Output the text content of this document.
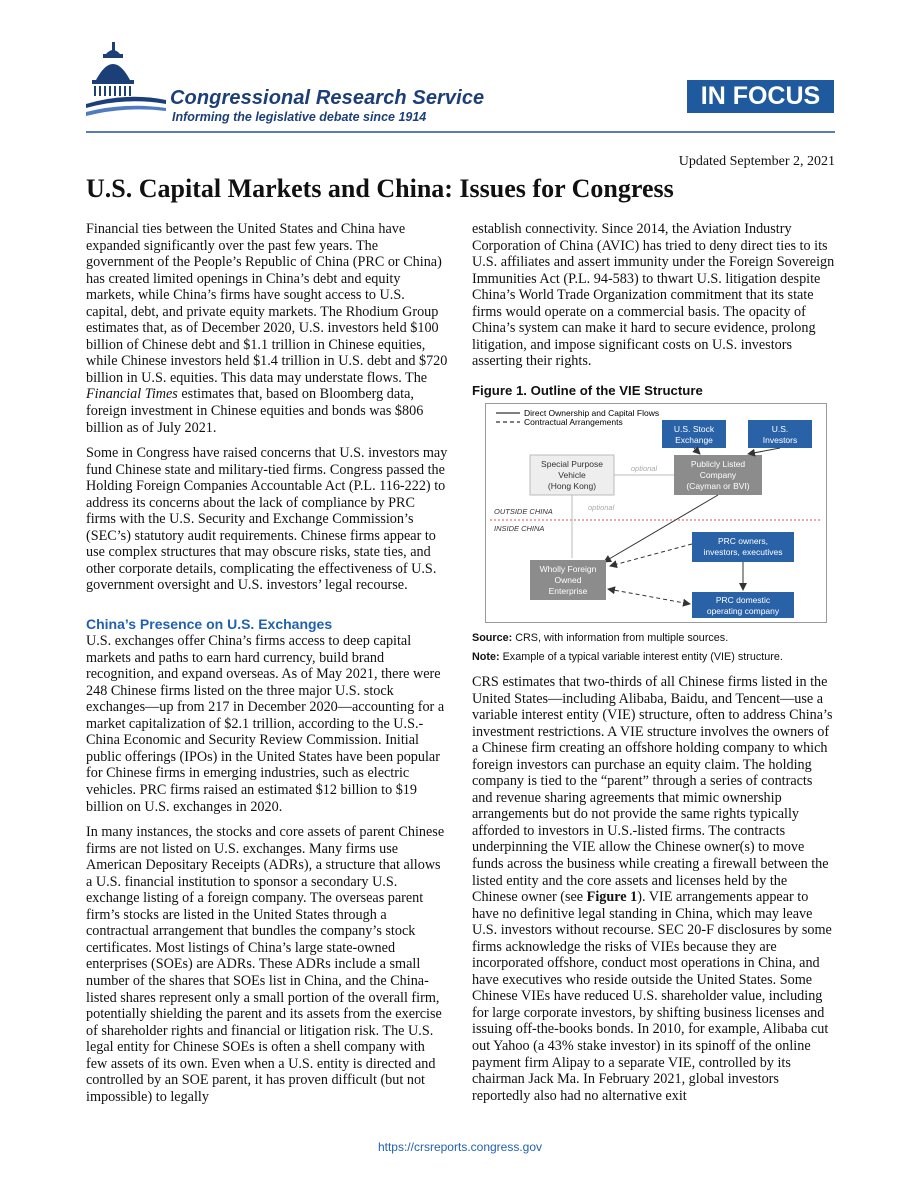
Congressional Research Service
Informing the legislative debate since 1914
IN FOCUS
Updated September 2, 2021
U.S. Capital Markets and China: Issues for Congress

Financial ties between the United States and China have expanded significantly over the past few years. The government of the People’s Republic of China (PRC or China) has created limited openings in China’s debt and equity markets, while China’s firms have sought access to U.S. capital, debt, and private equity markets. The Rhodium Group estimates that, as of December 2020, U.S. investors held $100 billion of Chinese debt and $1.1 trillion in Chinese equities, while Chinese investors held $1.4 trillion in U.S. debt and $720 billion in U.S. equities. This data may understate flows. The Financial Times estimates that, based on Bloomberg data, foreign investment in Chinese equities and bonds was $806 billion as of July 2021.

Some in Congress have raised concerns that U.S. investors may fund Chinese state and military-tied firms. Congress passed the Holding Foreign Companies Accountable Act (P.L. 116-222) to address its concerns about the lack of compliance by PRC firms with the U.S. Security and Exchange Commission’s (SEC’s) statutory audit requirements. Chinese firms appear to use complex structures that may obscure risks, state ties, and other corporate details, complicating the effectiveness of U.S. government oversight and U.S. investors’ legal recourse.

China’s Presence on U.S. Exchanges

U.S. exchanges offer China’s firms access to deep capital markets and paths to earn hard currency, build brand recognition, and expand overseas. As of May 2021, there were 248 Chinese firms listed on the three major U.S. stock exchanges—up from 217 in December 2020—accounting for a market capitalization of $2.1 trillion, according to the U.S.-China Economic and Security Review Commission. Initial public offerings (IPOs) in the United States have been popular for Chinese firms in emerging industries, such as electric vehicles. PRC firms raised an estimated $12 billion to $19 billion on U.S. exchanges in 2020.

In many instances, the stocks and core assets of parent Chinese firms are not listed on U.S. exchanges. Many firms use American Depositary Receipts (ADRs), a structure that allows a U.S. financial institution to sponsor a secondary U.S. exchange listing of a foreign company. The overseas parent firm’s stocks are listed in the United States through a contractual arrangement that bundles the company’s stock certificates. Most listings of China’s large state-owned enterprises (SOEs) are ADRs. These ADRs include a small number of the shares that SOEs list in China, and the China-listed shares represent only a small portion of the overall firm, potentially shielding the parent and its assets from the exercise of shareholder rights and financial or litigation risk. The U.S. legal entity for Chinese SOEs is often a shell company with few assets of its own. Even when a U.S. entity is directed and controlled by an SOE parent, it has proven difficult (but not impossible) to legally

establish connectivity. Since 2014, the Aviation Industry Corporation of China (AVIC) has tried to deny direct ties to its U.S. affiliates and assert immunity under the Foreign Sovereign Immunities Act (P.L. 94-583) to thwart U.S. litigation despite China’s World Trade Organization commitment that its state firms would operate on a commercial basis. The opacity of China’s system can make it hard to secure evidence, prolong litigation, and impose significant costs on U.S. investors asserting their rights.

Figure 1. Outline of the VIE Structure
Direct Ownership and Capital Flows
Contractual Arrangements
U.S. Stock
Exchange
U.S.
Investors
Special Purpose
Vehicle
(Hong Kong)
Publicly Listed
Company
(Cayman or BVI)
optional
OUTSIDE CHINA
INSIDE CHINA
optional
PRC owners,
investors, executives
Wholly Foreign
Owned
Enterprise
PRC domestic
operating company
Source: CRS, with information from multiple sources.
Note: Example of a typical variable interest entity (VIE) structure.

CRS estimates that two-thirds of all Chinese firms listed in the United States—including Alibaba, Baidu, and Tencent—use a variable interest entity (VIE) structure, often to address China’s investment restrictions. A VIE structure involves the owners of a Chinese firm creating an offshore holding company to which foreign investors can purchase an equity claim. The holding company is tied to the “parent” through a series of contracts and revenue sharing agreements that mimic ownership arrangements but do not provide the same rights typically afforded to investors in U.S.-listed firms. The contracts underpinning the VIE allow the Chinese owner(s) to move funds across the business while creating a firewall between the listed entity and the core assets and licenses held by the Chinese owner (see Figure 1). VIE arrangements appear to have no definitive legal standing in China, which may leave U.S. investors without recourse. SEC 20-F disclosures by some firms acknowledge the risks of VIEs because they are incorporated offshore, conduct most operations in China, and have executives who reside outside the United States. Some Chinese VIEs have reduced U.S. shareholder value, including for large corporate investors, by shifting business licenses and issuing off-the-books bonds. In 2010, for example, Alibaba cut out Yahoo (a 43% stake investor) in its spinoff of the online payment firm Alipay to a separate VIE, controlled by its chairman Jack Ma. In February 2021, global investors reportedly also had no alternative exit

https://crsreports.congress.gov
